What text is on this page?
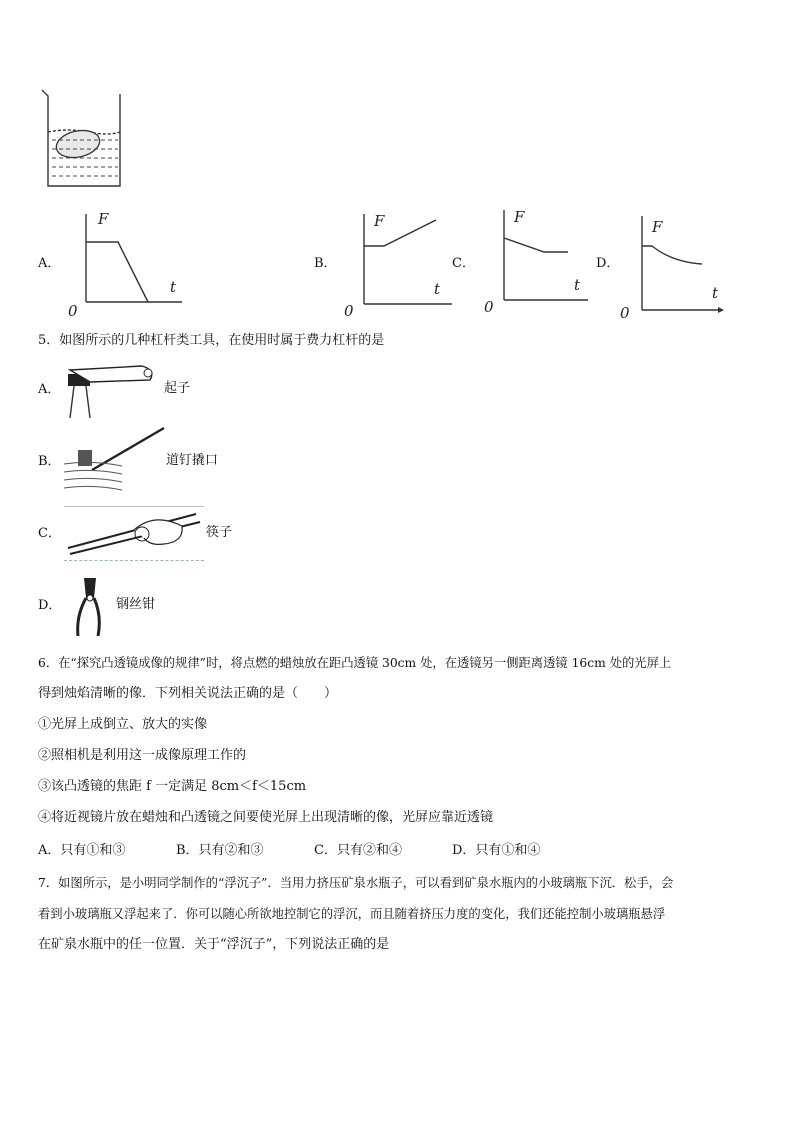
A．	B．	C．	D．
F
t
0
F
t
0
F
t
0
F
t
0
5．如图所示的几种杠杆类工具，在使用时属于费力杠杆的是
A．	起子
B．	道钉撬口
C．	筷子
D．	钢丝钳
6．在“探究凸透镜成像的规律”时，将点燃的蜡烛放在距凸透镜 30cm 处，在透镜另一侧距离透镜 16cm 处的光屏上
得到烛焰清晰的像．下列相关说法正确的是（　　）
①光屏上成倒立、放大的实像
②照相机是利用这一成像原理工作的
③该凸透镜的焦距 f 一定满足 8cm＜f＜15cm
④将近视镜片放在蜡烛和凸透镜之间要使光屏上出现清晰的像，光屏应靠近透镜
A．只有①和③	B．只有②和③	C．只有②和④	D．只有①和④
7．如图所示，是小明同学制作的“浮沉子”．当用力挤压矿泉水瓶子，可以看到矿泉水瓶内的小玻璃瓶下沉．松手，会
看到小玻璃瓶又浮起来了．你可以随心所欲地控制它的浮沉，而且随着挤压力度的变化，我们还能控制小玻璃瓶悬浮
在矿泉水瓶中的任一位置．关于“浮沉子”，下列说法正确的是
